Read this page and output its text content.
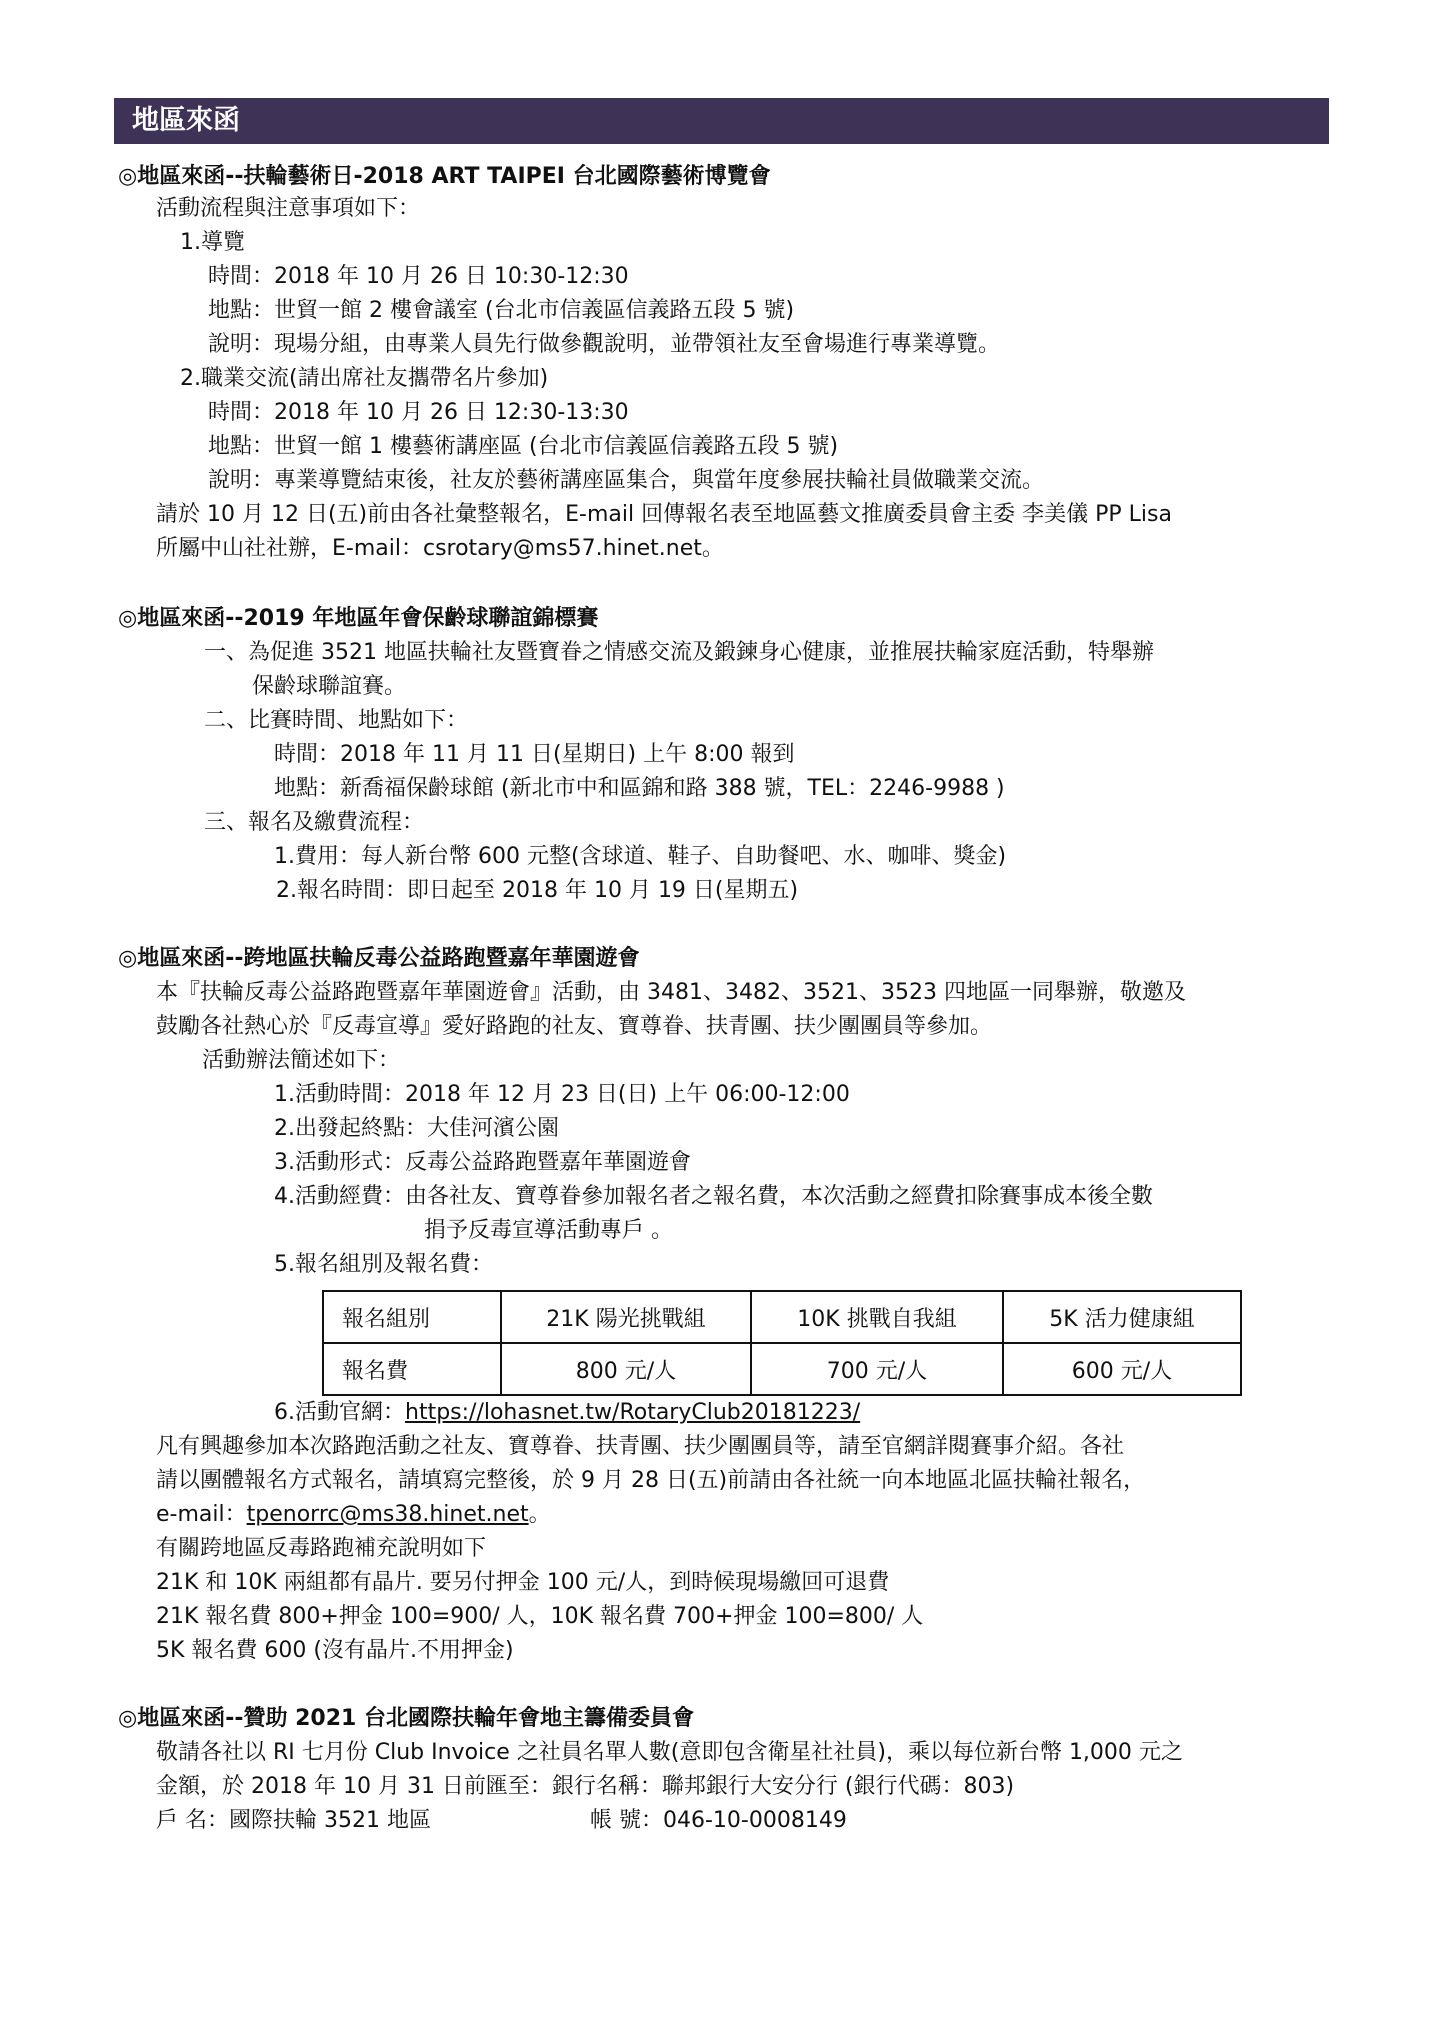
地區來函
◎地區來函--扶輪藝術日-2018 ART TAIPEI 台北國際藝術博覽會
活動流程與注意事項如下：
1.導覽
時間：2018 年 10 月 26 日 10:30-12:30
地點：世貿一館 2 樓會議室 (台北市信義區信義路五段 5 號)
說明：現場分組，由專業人員先行做參觀說明，並帶領社友至會場進行專業導覽。
2.職業交流(請出席社友攜帶名片參加)
時間：2018 年 10 月 26 日 12:30-13:30
地點：世貿一館 1 樓藝術講座區 (台北市信義區信義路五段 5 號)
說明：專業導覽結束後，社友於藝術講座區集合，與當年度參展扶輪社員做職業交流。
請於 10 月 12 日(五)前由各社彙整報名，E-mail 回傳報名表至地區藝文推廣委員會主委 李美儀 PP Lisa
所屬中山社社辦，E-mail：csrotary@ms57.hinet.net。
◎地區來函--2019 年地區年會保齡球聯誼錦標賽
一、為促進 3521 地區扶輪社友暨寶眷之情感交流及鍛鍊身心健康，並推展扶輪家庭活動，特舉辦
保齡球聯誼賽。
二、比賽時間、地點如下：
時間：2018 年 11 月 11 日(星期日) 上午 8:00 報到
地點：新喬福保齡球館 (新北市中和區錦和路 388 號，TEL：2246-9988 )
三、報名及繳費流程：
1.費用：每人新台幣 600 元整(含球道、鞋子、自助餐吧、水、咖啡、獎金)
2.報名時間：即日起至 2018 年 10 月 19 日(星期五)
◎地區來函--跨地區扶輪反毒公益路跑暨嘉年華園遊會
本『扶輪反毒公益路跑暨嘉年華園遊會』活動，由 3481、3482、3521、3523 四地區一同舉辦，敬邀及
鼓勵各社熱心於『反毒宣導』愛好路跑的社友、寶尊眷、扶青團、扶少團團員等參加。
活動辦法簡述如下：
1.活動時間：2018 年 12 月 23 日(日) 上午 06:00-12:00
2.出發起終點：大佳河濱公園
3.活動形式：反毒公益路跑暨嘉年華園遊會
4.活動經費：由各社友、寶尊眷參加報名者之報名費，本次活動之經費扣除賽事成本後全數
捐予反毒宣導活動專戶 。
5.報名組別及報名費：
報名組別	21K 陽光挑戰組	10K 挑戰自我組	5K 活力健康組
報名費	800 元/人	700 元/人	600 元/人
6.活動官網：https://lohasnet.tw/RotaryClub20181223/
凡有興趣參加本次路跑活動之社友、寶尊眷、扶青團、扶少團團員等，請至官網詳閱賽事介紹。各社
請以團體報名方式報名，請填寫完整後，於 9 月 28 日(五)前請由各社統一向本地區北區扶輪社報名，
e-mail：tpenorrc@ms38.hinet.net。
有關跨地區反毒路跑補充說明如下
21K 和 10K 兩組都有晶片. 要另付押金 100 元/人，到時候現場繳回可退費
21K 報名費 800+押金 100=900/ 人，10K 報名費 700+押金 100=800/ 人
5K 報名費 600 (沒有晶片.不用押金)
◎地區來函--贊助 2021 台北國際扶輪年會地主籌備委員會
敬請各社以 RI 七月份 Club Invoice 之社員名單人數(意即包含衛星社社員)，乘以每位新台幣 1,000 元之
金額，於 2018 年 10 月 31 日前匯至：銀行名稱：聯邦銀行大安分行 (銀行代碼：803)
戶 名：國際扶輪 3521 地區	帳 號：046-10-0008149
